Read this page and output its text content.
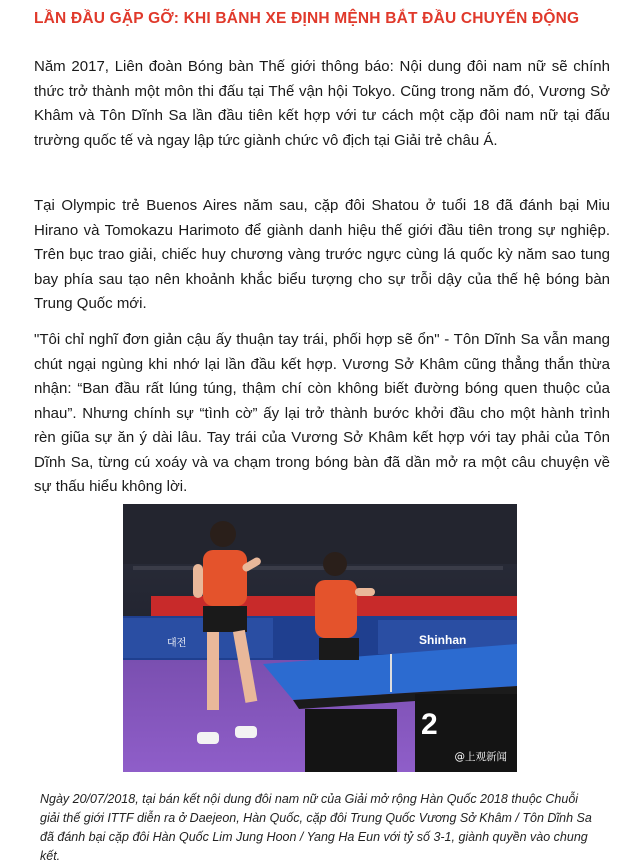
LẦN ĐẦU GẶP GỠ: KHI BÁNH XE ĐỊNH MỆNH BẮT ĐẦU CHUYỂN ĐỘNG

Năm 2017, Liên đoàn Bóng bàn Thế giới thông báo: Nội dung đôi nam nữ sẽ chính thức trở thành một môn thi đấu tại Thế vận hội Tokyo. Cũng trong năm đó, Vương Sở Khâm và Tôn Dĩnh Sa lần đầu tiên kết hợp với tư cách một cặp đôi nam nữ tại đấu trường quốc tế và ngay lập tức giành chức vô địch tại Giải trẻ châu Á.

Tại Olympic trẻ Buenos Aires năm sau, cặp đôi Shatou ở tuổi 18 đã đánh bại Miu Hirano và Tomokazu Harimoto để giành danh hiệu thế giới đầu tiên trong sự nghiệp. Trên bục trao giải, chiếc huy chương vàng trước ngực cùng lá quốc kỳ năm sao tung bay phía sau tạo nên khoảnh khắc biểu tượng cho sự trỗi dậy của thế hệ bóng bàn Trung Quốc mới.

"Tôi chỉ nghĩ đơn giản cậu ấy thuận tay trái, phối hợp sẽ ổn" - Tôn Dĩnh Sa vẫn mang chút ngại ngùng khi nhớ lại lần đầu kết hợp. Vương Sở Khâm cũng thẳng thắn thừa nhận: “Ban đầu rất lúng túng, thậm chí còn không biết đường bóng quen thuộc của nhau”. Nhưng chính sự “tình cờ” ấy lại trở thành bước khởi đầu cho một hành trình rèn giũa sự ăn ý dài lâu. Tay trái của Vương Sở Khâm kết hợp với tay phải của Tôn Dĩnh Sa, từng cú xoáy và va chạm trong bóng bàn đã dần mở ra một câu chuyện về sự thấu hiểu không lời.

Shinhan
2
대전
@上观新闻

Ngày 20/07/2018, tại bán kết nội dung đôi nam nữ của Giải mở rộng Hàn Quốc 2018 thuộc Chuỗi giải thế giới ITTF diễn ra ở Daejeon, Hàn Quốc, cặp đôi Trung Quốc Vương Sở Khâm / Tôn Dĩnh Sa đã đánh bại cặp đôi Hàn Quốc Lim Jung Hoon / Yang Ha Eun với tỷ số 3-1, giành quyền vào chung kết.
